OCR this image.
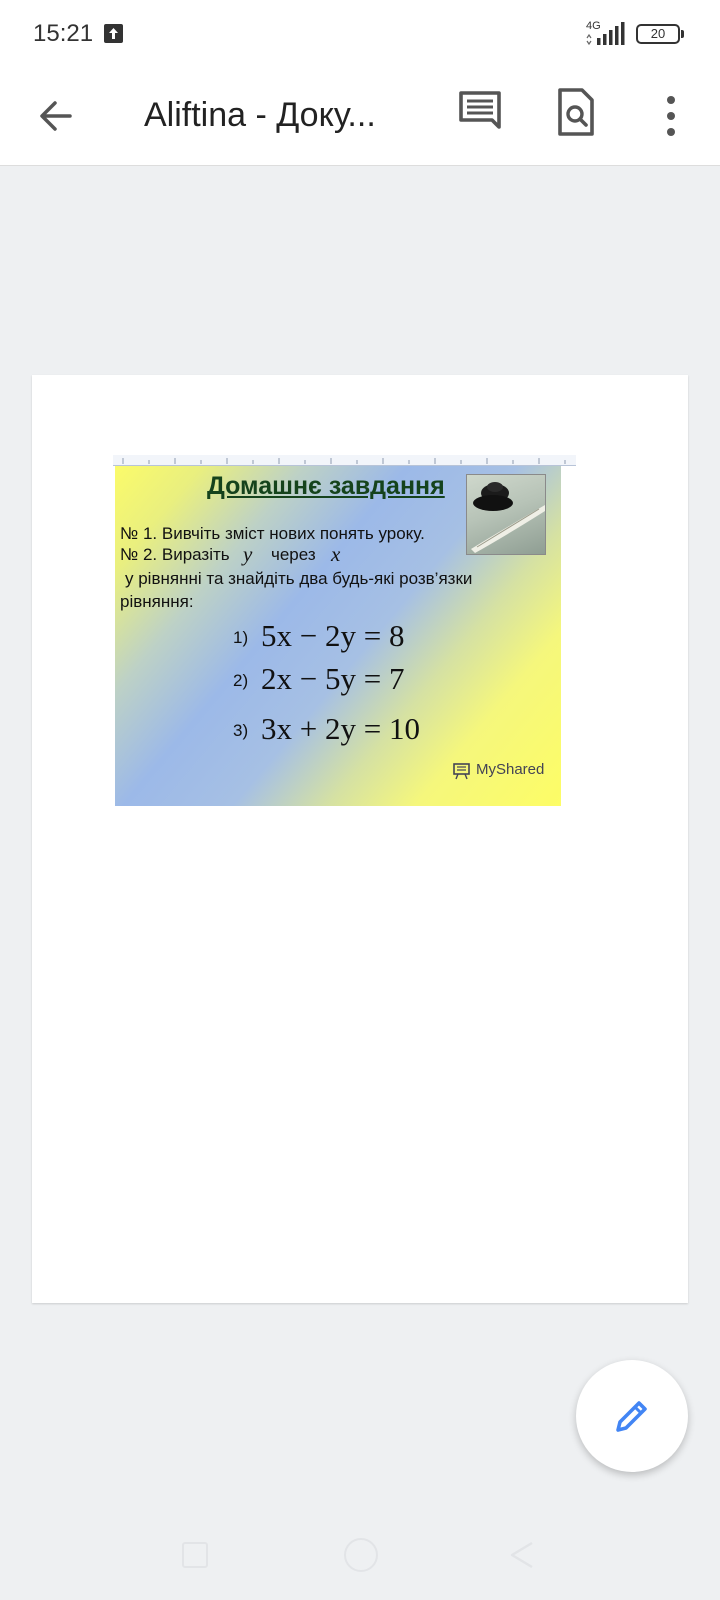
15:21	4G	20
Aliftina - Доку...
Домашнє завдання
№ 1. Вивчіть зміст нових понять уроку.
№ 2. Виразіть y через x
у рівнянні та знайдіть два будь-які розв’язки
рівняння:
1) 5x − 2y = 8
2) 2x − 5y = 7
3) 3x + 2y = 10
MyShared
